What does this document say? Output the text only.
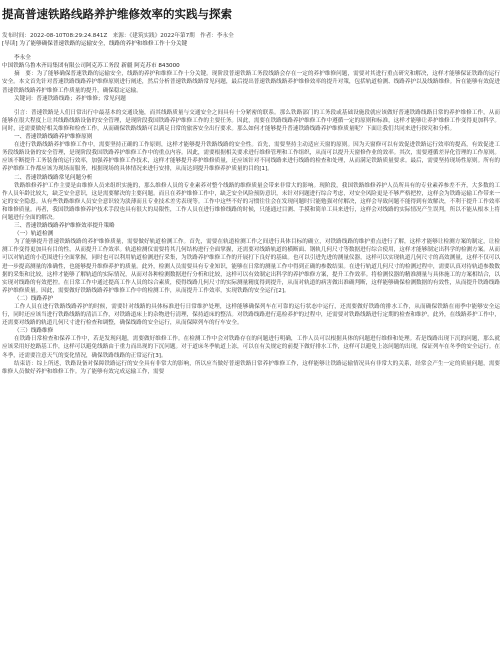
提高普速铁路线路养护维修效率的实践与探索
发布时间：2022-08-10T08:29:24.841Z 来源：《建筑实践》2022年第7期 作者：李永全
[导读] 为了能够确保普速铁路的运输安全，线路的养护和维修工作十分关键
李永全
中国铁路乌鲁木齐局集团有限公司阿克苏工务段 新疆 阿克苏市 843000
摘　要：为了能够确保普速铁路的运输安全，线路的养护和维修工作十分关键。现阶段普速铁路工务段线路会存在一定的养护维修问题，需要对其进行重点研究和解决，这样才能够保证铁路的运行安全。本文首先针对普速铁路线路养护维修原则进行阐述，然后分析普速铁路线路常见问题，最后提出普速铁路线路养护维修效率的提升对策，包括轨道检测、线路养护以及线路维修。旨在能够有效促进普速铁路线路养护维修工作质量的提升，确保稳定运输。
关键词：普速铁路线路；养护维修；常见问题
引言：普速铁路是人们日常出行中最基本的交通设施，而其线路质量与交通安全之间具有十分紧密的联系。那么铁路部门的工务段或基础设施段就应该做好普速铁路线路日常的养护维修工作，从而能够在很大程度上让其线路线路设备的安全管理，是现阶段我国铁路养护维修工作的主要任务。因此，需要在铁路线路养护维修工作中遵循一定的原则和标准，这样才能够让养护维修工作变得更加科学。同时，还需要做好相关维修和检查工作，从而确保铁路线路可以满足日常的旅客安全出行要求。那么如何才能够提升普速铁路线路养护维修质量呢？下面让我们共同来进行探究和分析。
一、普速铁路线路养护维修原则
在进行铁路线路养护维修工作中，需要坚持正确的工作原则，这样才能够提升铁路线路的安全性。首先，需要坚持主动适应天窗的原则。因为天窗修可以有效促进铁路运行效率的提高，有效促进工务段线路设备的安全管理，是现阶段我国铁路养护维修工作中的重点内容。因此，需要根据相关要求进行维修管理和工作组织，从而可以提升天窗修作业的效率。其次，需要遵循差异化管理的工作原则。应该不断提升工务装备的运行效率，加强养护维修工作技术，这样才能够提升养护维修质量，还应该针对不同线路来进行线路的检查和处理，从而满足铁路质量要求。最后，需要坚持现场性原则。所有的养护维修工作都应该为现场而服务，根据现场的具体情况来进行安排，从而达到提升维修养护质量的目的[1]。
二、普速铁路线路常见问题分析
铁路维修养护工作主要是由维修人员来组织实施的，那么维修人员的专业素养对整个线路的维修质量会带来非常大的影响。现阶段，我国铁路维修养护人员所具有的专业素养参差不齐，大多数的工作人员年龄比较大，缺乏安全意识，这是需要解决的主要问题。而且在养护维修工作中，缺乏安全风险预防意识，未针对问题进行综合考虑，对安全风险更是不够严格把控，这样会为铁路运输工作带来一定的安全隐患。从有些铁路维修人员安全意识较为淡薄而且专业技术差劣表现等。工作中这些不好的习惯往往会在发现问题时只能勉强对付解决，这样会导致问题不能得到有效解决，不利于提升工作效率和维修质量。再者，我国铁路维修养护技术手段也具有很大的局限性，工作人员在进行维修线路的时候，只能通过目测、手摸和简单工具来进行，这样会对线路的实际情况产生误判，所以不能从根本上将问题进行全面的解决。
三、普速铁路线路养护维修效率提升策略
（一）轨道检测
为了能够提升普速铁路线路的养护维修质量，需要做好轨道检测工作。首先，需要在轨道检测工作之间进行具体目标的确立，对铁路线路的维护重点进行了解，这样才能够让检测方案的制定，让检测工作变得更加具有目的性，从而提升工作效率。轨道检测仪需要将其几何结构进行全面掌握，还需要对线路轨道的横断面、钢轨几何尺寸等数据进行综合使用，这样才能够制定出科学的检测方案。从而可以对轨道的小范围进行全面掌握，同时也可以利用轨道检测进行采集，为铁路养护维修工作的开展打下良好的基础。也可以引进先进的测量仪器，这样可以实现轨道几何尺寸的高效测量，这样不仅可以进一步提高测量的准确性，也能够提升维修养护的质量。此外，检测人员需要具有专业知识，能够在日常的测量工作中得到正确的参数结果。在进行轨道几何尺寸的检测过程中，需要认真对待轨道参数数据的采集和比较，这样才能够了解轨道的实际情况，从而对各种检测数据进行分析和比较，这样可以有效制定出科学的养护维修方案，提升工作效率。将检测仪器的精准测量与具体施工的方案相结合，以实现对线路的有效把控。在日常工作中通过提高工作人员的综合素质，使得线路几何尺寸的实际测量精度得到提升，从而对轨道的病害做出准确判断，这样能够确保检测数据的有效性，从而提升铁路线路养护维修质量。因此，需要做好铁路线路养护维修工作中的检测工作，从而提升工作效率，实现铁路的安全运行[2]。
（二）线路养护
工作人员在进行铁路线路养护的时候，需要针对线路的具体标准进行日常维护处理，这样能够确保列车在可靠的运行状态中运行，还需要做好铁路的排水工作，从而确保铁路在雨季中能够安全运行，同时还应该当进行铁路线路的清洁工作，对铁路道床上的杂物进行清理，保持道床的整洁。对铁路线路进行巡检养护的过程中，还需要对铁路线路进行定期的检查和维护。此外，在线路养护工作中，还需要对线路的轨道几何尺寸进行检查和调整，确保线路的安全运行，从而保障列车的行车安全。
（三）线路维修
在铁路日常检查和保养工作中，若是发现问题，需要做好维修工作。在检测工作中会对铁路存在的问题进行明确，工作人员可以根据具体的问题进行维修和处理。若是线路出现下沉的问题，那么就应该采用好挖路基工作，这样可以避免线路由于重力而出现的下沉问题。对于道床冬季轨道上冻，可以在有关规定的前提下做好排水工作，这样可以避免上冻问题的出现，保证列车在冬季的安全运行。在冬季，还需要注意天气的变化情况，确保铁路线路的正常运行[3]。
结束语：综上所述，铁路设备对保障铁路运行的安全具有非常大的影响，所以应当做好普速铁路日常养护维修工作，这样能够让铁路运输情况具有非常大的关系，经常会产生一定的质量问题，需要维修人员做好养护和维修工作。为了能够有效完成运输工作，需要
